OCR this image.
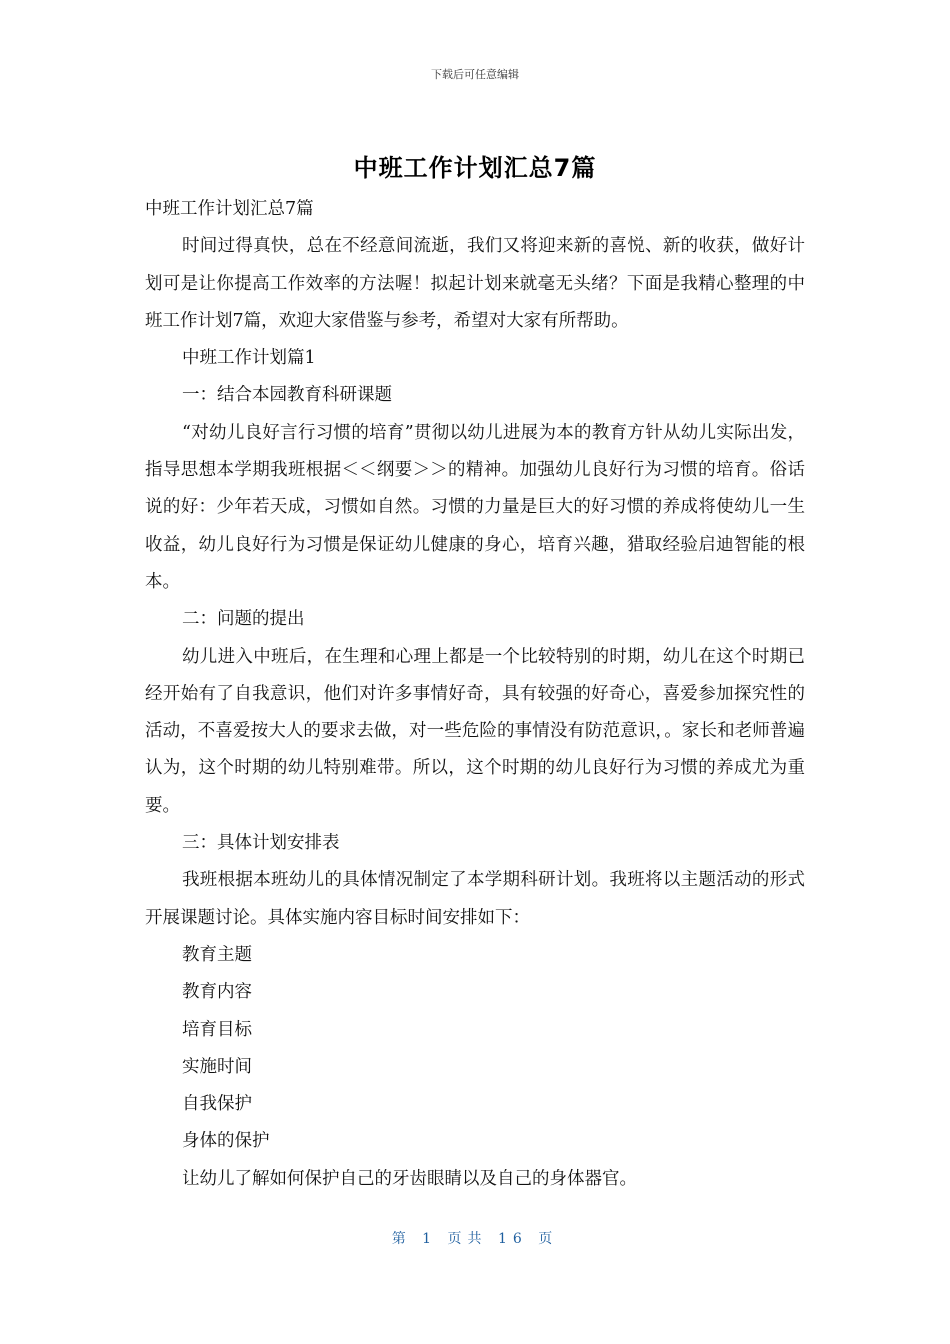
下载后可任意编辑
中班工作计划汇总7篇

中班工作计划汇总7篇

时间过得真快，总在不经意间流逝，我们又将迎来新的喜悦、新的收获，做好计划可是让你提高工作效率的方法喔！拟起计划来就毫无头绪？下面是我精心整理的中班工作计划7篇，欢迎大家借鉴与参考，希望对大家有所帮助。

中班工作计划篇1

一：结合本园教育科研课题

“对幼儿良好言行习惯的培育”贯彻以幼儿进展为本的教育方针从幼儿实际出发，指导思想本学期我班根据＜＜纲要＞＞的精神。加强幼儿良好行为习惯的培育。俗话说的好：少年若天成，习惯如自然。习惯的力量是巨大的好习惯的养成将使幼儿一生收益，幼儿良好行为习惯是保证幼儿健康的身心，培育兴趣，猎取经验启迪智能的根本。

二：问题的提出

幼儿进入中班后，在生理和心理上都是一个比较特别的时期，幼儿在这个时期已经开始有了自我意识，他们对许多事情好奇，具有较强的好奇心，喜爱参加探究性的活动，不喜爱按大人的要求去做，对一些危险的事情没有防范意识，。家长和老师普遍认为，这个时期的幼儿特别难带。所以，这个时期的幼儿良好行为习惯的养成尤为重要。

三：具体计划安排表

我班根据本班幼儿的具体情况制定了本学期科研计划。我班将以主题活动的形式开展课题讨论。具体实施内容目标时间安排如下：

教育主题

教育内容

培育目标

实施时间

自我保护

身体的保护

让幼儿了解如何保护自己的牙齿眼睛以及自己的身体器官。

第 1 页共 16 页
